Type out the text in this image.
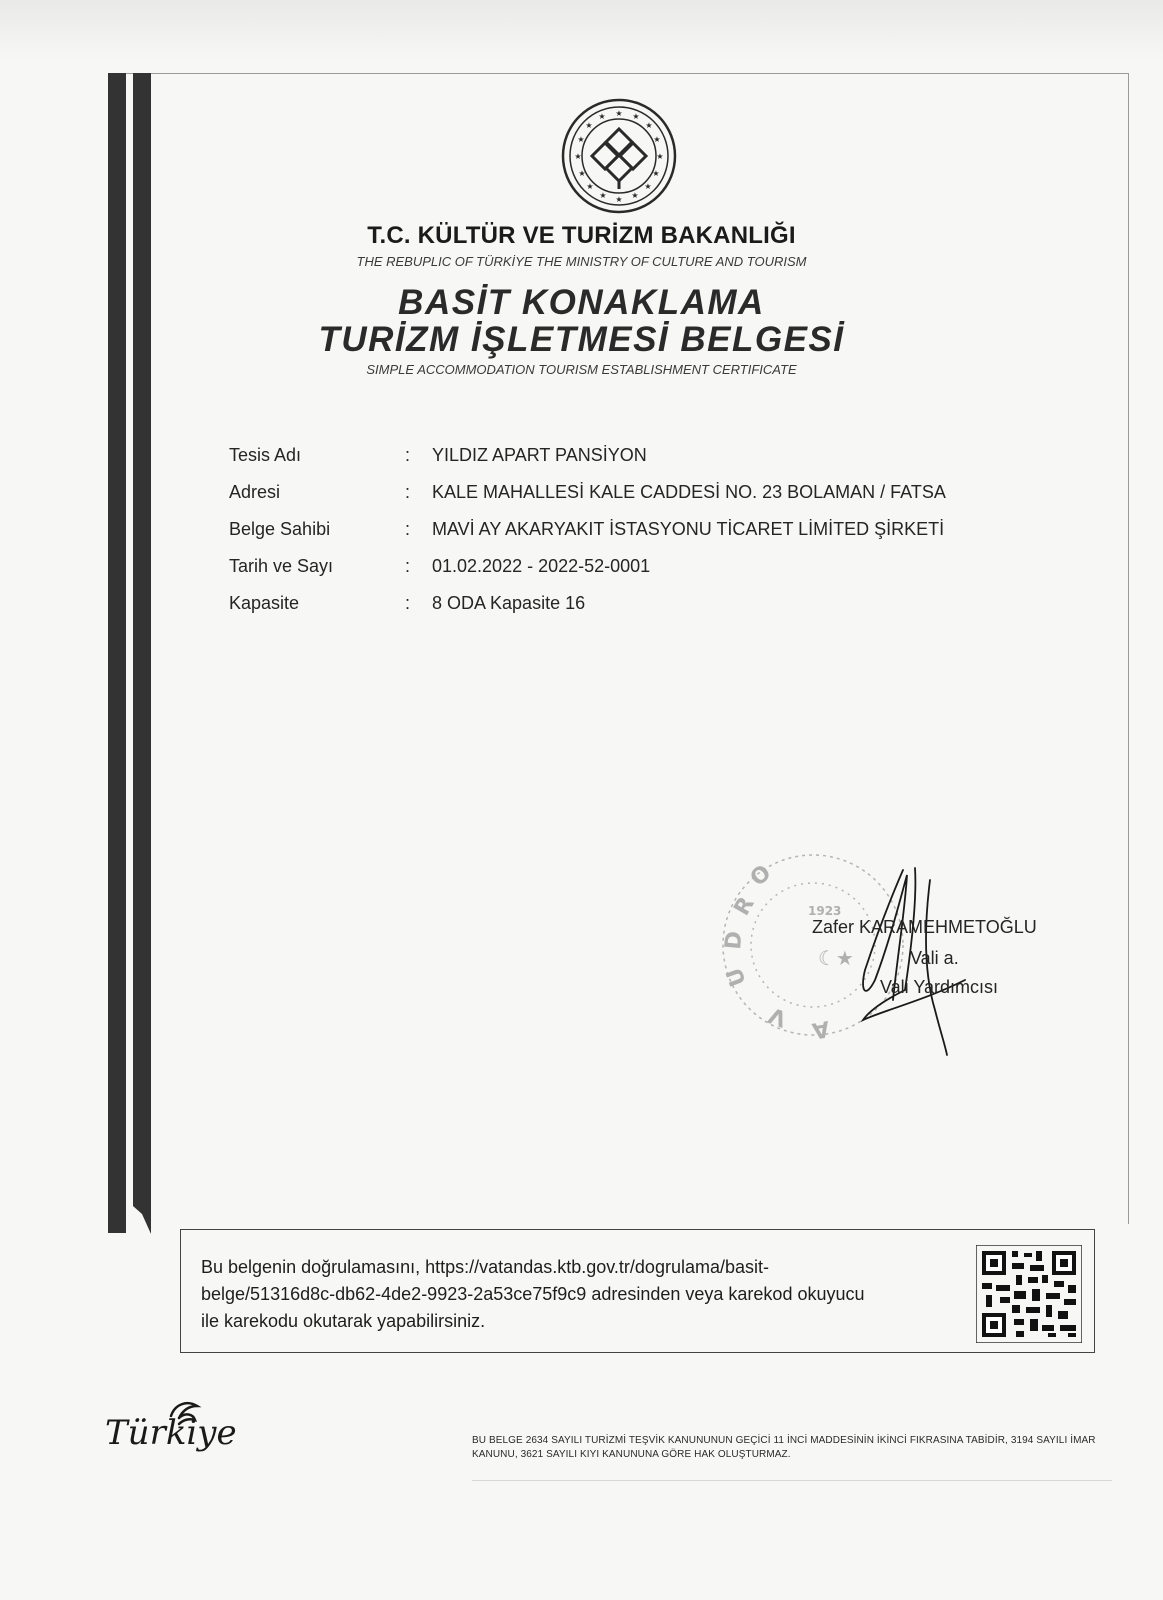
★ ★
★
★
★
★
★
★
★
★
★
★
★
★
★
★
T.C. KÜLTÜR VE TURİZM BAKANLIĞI
THE REBUPLIC OF TÜRKİYE THE MINISTRY OF CULTURE AND TOURISM
BASİT KONAKLAMA
TURİZM İŞLETMESİ BELGESİ
SIMPLE ACCOMMODATION TOURISM ESTABLISHMENT CERTIFICATE
Tesis Adı	: YILDIZ APART PANSİYON
Adresi	: KALE MAHALLESİ KALE CADDESİ NO. 23 BOLAMAN / FATSA
Belge Sahibi	: MAVİ AY AKARYAKIT İSTASYONU TİCARET LİMİTED ŞİRKETİ
Tarih ve Sayı	: 01.02.2022 - 2022-52-0001
Kapasite	: 8 ODA Kapasite 16
O
R
D
U
V A
1923
☾★
Zafer KARAMEHMETOĞLU
Vali a.
Vali Yardımcısı
Bu belgenin doğrulamasını, https://vatandas.ktb.gov.tr/dogrulama/basit-belge/51316d8c-db62-4de2-9923-2a53ce75f9c9 adresinden veya karekod okuyucu ile karekodu okutarak yapabilirsiniz.
Türkiye	BU BELGE 2634 SAYILI TURİZMİ TEŞVİK KANUNUNUN GEÇİCİ 11 İNCİ MADDESİNİN İKİNCİ FIKRASINA TABİDİR, 3194 SAYILI İMAR KANUNU, 3621 SAYILI KIYI KANUNUNA GÖRE HAK OLUŞTURMAZ.
